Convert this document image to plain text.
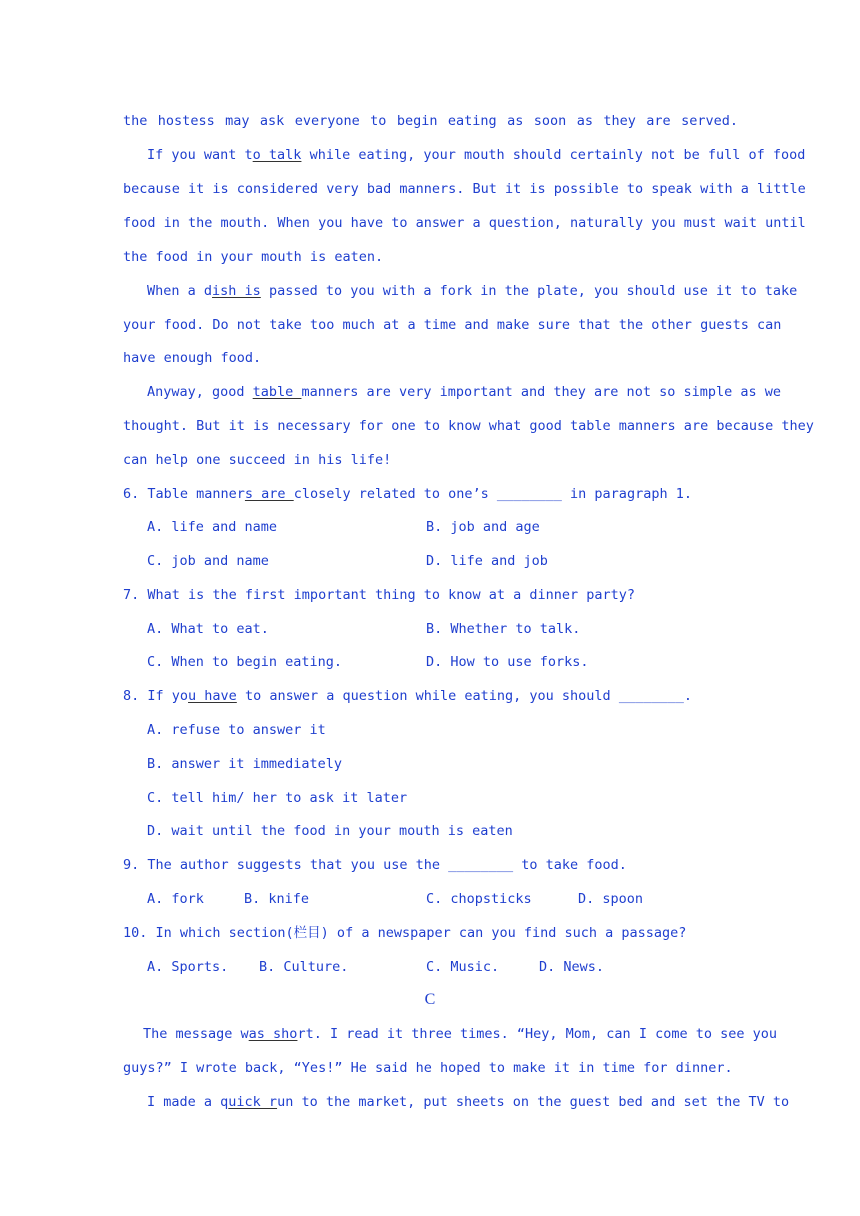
the hostess may ask everyone to begin eating as soon as they are served.
If you want to talk while eating, your mouth should certainly not be full of food
because it is considered very bad manners. But it is possible to speak with a little
food in the mouth. When you have to answer a question, naturally you must wait until
the food in your mouth is eaten.
When a dish is passed to you with a fork in the plate, you should use it to take
your food. Do not take too much at a time and make sure that the other guests can
have enough food.
Anyway, good table manners are very important and they are not so simple as we
thought. But it is necessary for one to know what good table manners are because they
can help one succeed in his life!
6. Table manners are closely related to one’s ________ in paragraph 1.
A. life and name	B. job and age
C. job and name	D. life and job
7. What is the first important thing to know at a dinner party?
A. What to eat.	B. Whether to talk.
C. When to begin eating.	D. How to use forks.
8. If you have to answer a question while eating, you should ________.
A. refuse to answer it
B. answer it immediately
C. tell him/ her to ask it later
D. wait until the food in your mouth is eaten
9. The author suggests that you use the ________ to take food.
A. fork	B. knife	C. chopsticks	D. spoon
10. In which section(栏目) of a newspaper can you find such a passage?
A. Sports. B. Culture.	C. Music.	D. News.
C
The message was short. I read it three times. “Hey, Mom, can I come to see you
guys?” I wrote back, “Yes!” He said he hoped to make it in time for dinner.
I made a quick run to the market, put sheets on the guest bed and set the TV to
